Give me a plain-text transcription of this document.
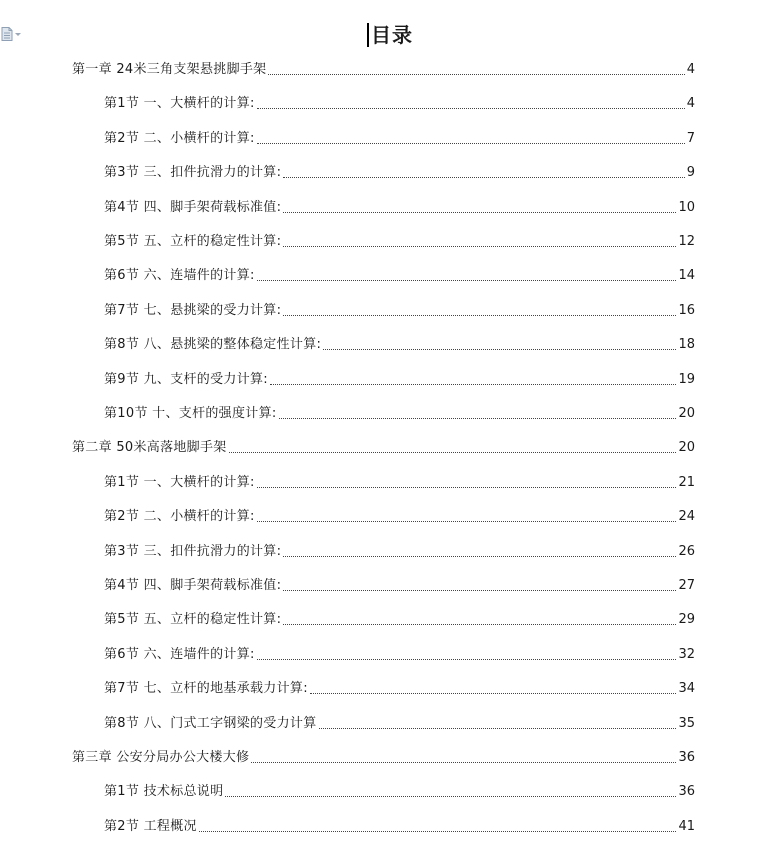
目录
第一章 24米三角支架悬挑脚手架	4
第1节 一、大横杆的计算:	4
第2节 二、小横杆的计算:	7
第3节 三、扣件抗滑力的计算:	9
第4节 四、脚手架荷载标准值:	10
第5节 五、立杆的稳定性计算:	12
第6节 六、连墙件的计算:	14
第7节 七、悬挑梁的受力计算:	16
第8节 八、悬挑梁的整体稳定性计算:	18
第9节 九、支杆的受力计算:	19
第10节 十、支杆的强度计算:	20
第二章 50米高落地脚手架	20
第1节 一、大横杆的计算:	21
第2节 二、小横杆的计算:	24
第3节 三、扣件抗滑力的计算:	26
第4节 四、脚手架荷载标准值:	27
第5节 五、立杆的稳定性计算:	29
第6节 六、连墙件的计算:	32
第7节 七、立杆的地基承载力计算:	34
第8节 八、门式工字钢梁的受力计算	35
第三章 公安分局办公大楼大修	36
第1节 技术标总说明	36
第2节 工程概况	41
